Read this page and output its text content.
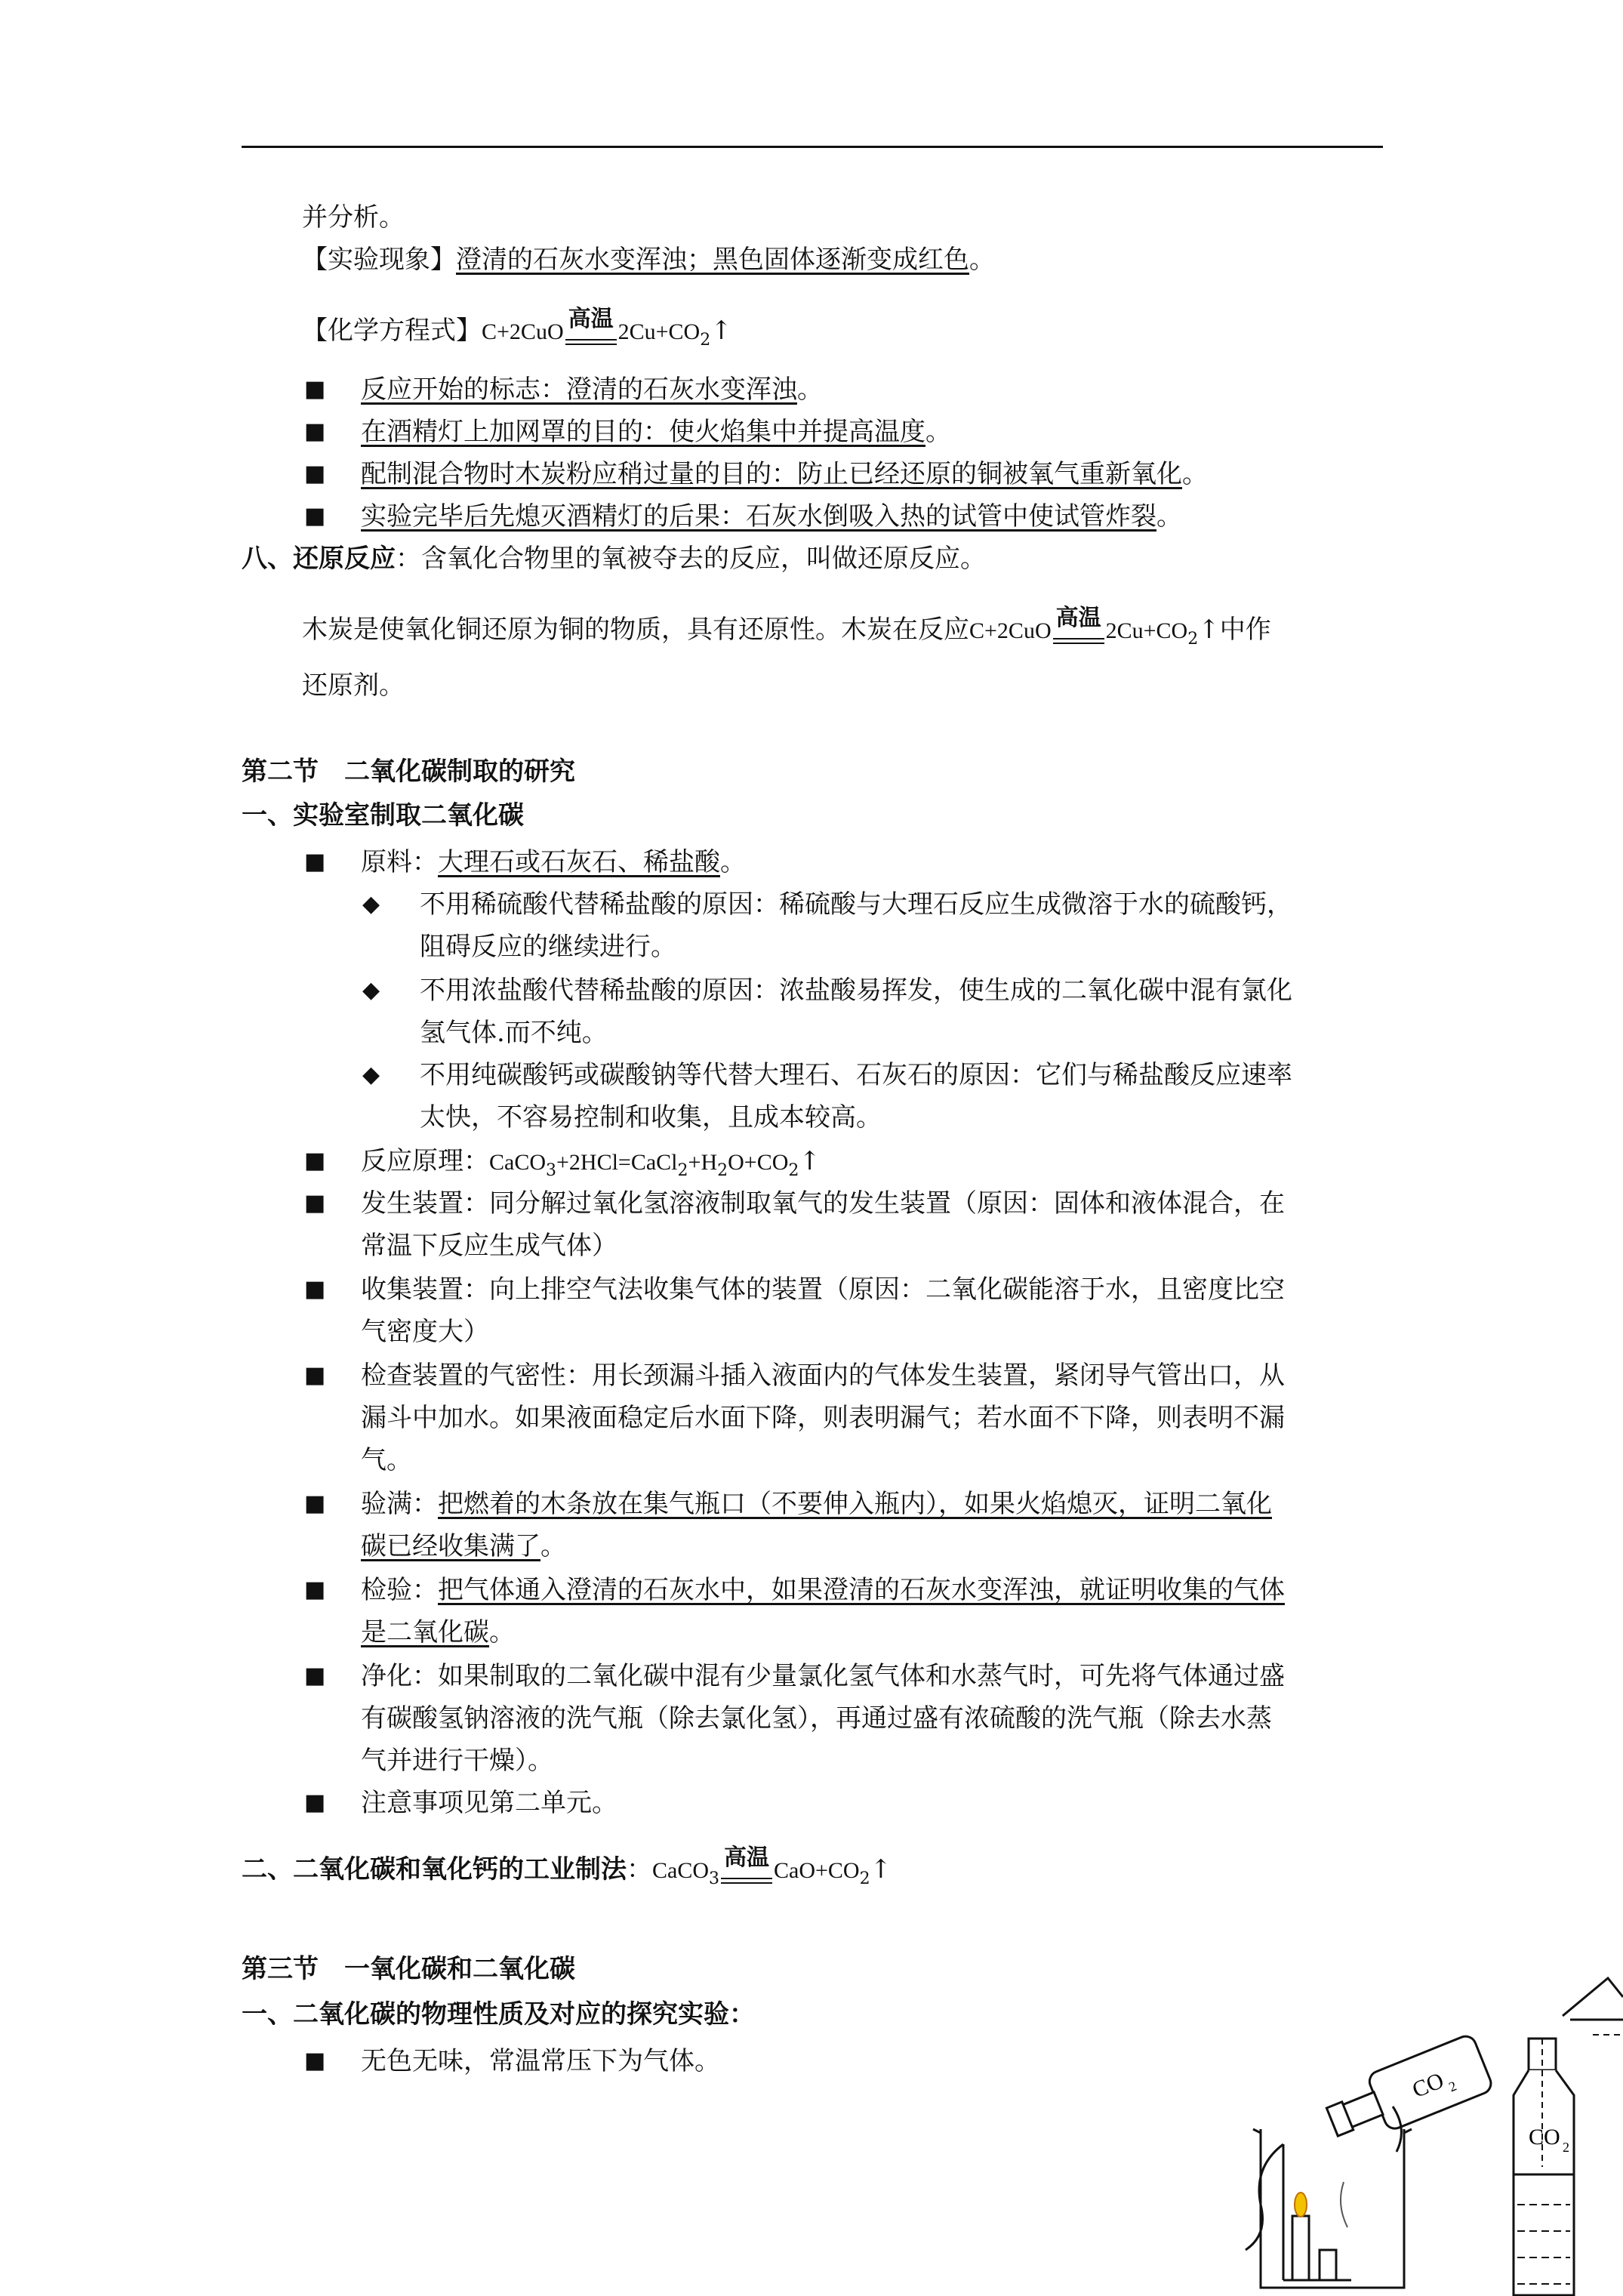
并分析。
【实验现象】澄清的石灰水变浑浊；黑色固体逐渐变成红色。
【化学方程式】C+2CuO 高温 $2Cu+CO_2↑$
■ 反应开始的标志：澄清的石灰水变浑浊。
■ 在酒精灯上加网罩的目的：使火焰集中并提高温度。
■ 配制混合物时木炭粉应稍过量的目的：防止已经还原的铜被氧气重新氧化。
■ 实验完毕后先熄灭酒精灯的后果：石灰水倒吸入热的试管中使试管炸裂。
八、还原反应：含氧化合物里的氧被夺去的反应，叫做还原反应。
木炭是使氧化铜还原为铜的物质，具有还原性。木炭在反应C+2CuO 高温 $2Cu+CO_2↑$中作
还原剂。
第二节　二氧化碳制取的研究
一、实验室制取二氧化碳
■ 原料：大理石或石灰石、稀盐酸。
◆ 不用稀硫酸代替稀盐酸的原因：稀硫酸与大理石反应生成微溶于水的硫酸钙，
阻碍反应的继续进行。
◆ 不用浓盐酸代替稀盐酸的原因：浓盐酸易挥发，使生成的二氧化碳中混有氯化
氢气体.而不纯。
◆ 不用纯碳酸钙或碳酸钠等代替大理石、石灰石的原因：它们与稀盐酸反应速率
太快，不容易控制和收集，且成本较高。
■ 反应原理：$CaCO_3+2HCl=CaCl_2+H_2O+CO_2↑$
■ 发生装置：同分解过氧化氢溶液制取氧气的发生装置（原因：固体和液体混合，在
常温下反应生成气体）
■ 收集装置：向上排空气法收集气体的装置（原因：二氧化碳能溶于水，且密度比空
气密度大）
■ 检查装置的气密性：用长颈漏斗插入液面内的气体发生装置，紧闭导气管出口，从
漏斗中加水。如果液面稳定后水面下降，则表明漏气；若水面不下降，则表明不漏
气。
■ 验满：把燃着的木条放在集气瓶口（不要伸入瓶内），如果火焰熄灭，证明二氧化
碳已经收集满了。
■ 检验：把气体通入澄清的石灰水中，如果澄清的石灰水变浑浊，就证明收集的气体
是二氧化碳。
■ 净化：如果制取的二氧化碳中混有少量氯化氢气体和水蒸气时，可先将气体通过盛
有碳酸氢钠溶液的洗气瓶（除去氯化氢），再通过盛有浓硫酸的洗气瓶（除去水蒸
气并进行干燥）。
■ 注意事项见第二单元。
二、二氧化碳和氧化钙的工业制法：CaCO$_3$
高温 $CaO+CO_2↑$
第三节　一氧化碳和二氧化碳
一、二氧化碳的物理性质及对应的探究实验：
■ 无色无味，常温常压下为气体。
CO 2
CO 2
